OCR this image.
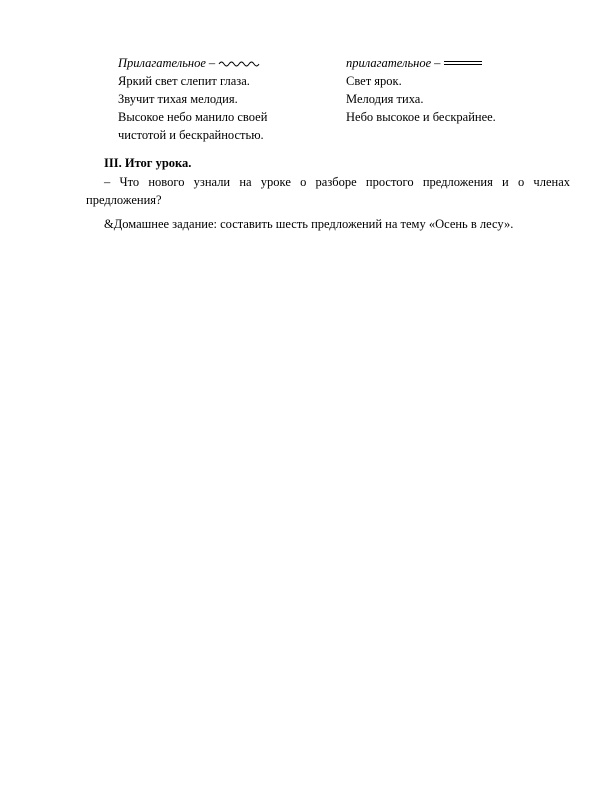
Прилагательное –
Яркий свет слепит глаза.
Звучит тихая мелодия.
Высокое небо манило своей
чистотой и бескрайностью.
прилагательное –
Свет ярок.
Мелодия тиха.
Небо высокое и бескрайнее.
III. Итог урока.
– Что нового узнали на уроке о разборе простого предложения и о членах предложения?
&Домашнее задание: составить шесть предложений на тему «Осень в лесу».
